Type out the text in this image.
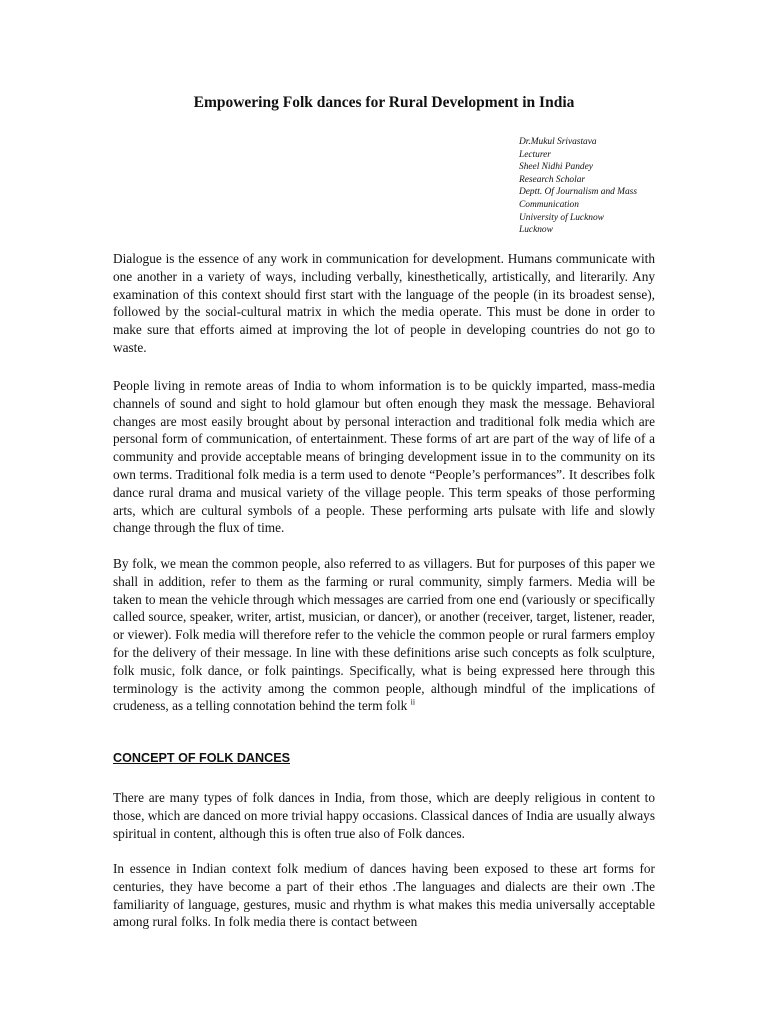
Empowering Folk dances for Rural Development in India
Dr.Mukul Srivastava
Lecturer
Sheel Nidhi Pandey
Research Scholar
Deptt. Of Journalism and Mass
Communication
University of Lucknow
Lucknow

Dialogue is the essence of any work in communication for development. Humans communicate with one another in a variety of ways, including verbally, kinesthetically, artistically, and literarily. Any examination of this context should first start with the language of the people (in its broadest sense), followed by the social-cultural matrix in which the media operate. This must be done in order to make sure that efforts aimed at improving the lot of people in developing countries do not go to waste.

People living in remote areas of India to whom information is to be quickly imparted, mass-media channels of sound and sight to hold glamour but often enough they mask the message. Behavioral changes are most easily brought about by personal interaction and traditional folk media which are personal form of communication, of entertainment. These forms of art are part of the way of life of a community and provide acceptable means of bringing development issue in to the community on its own terms. Traditional folk media is a term used to denote “People’s performances”. It describes folk dance rural drama and musical variety of the village people. This term speaks of those performing arts, which are cultural symbols of a people. These performing arts pulsate with life and slowly change through the flux of time.

By folk, we mean the common people, also referred to as villagers. But for purposes of this paper we shall in addition, refer to them as the farming or rural community, simply farmers. Media will be taken to mean the vehicle through which messages are carried from one end (variously or specifically called source, speaker, writer, artist, musician, or dancer), or another (receiver, target, listener, reader, or viewer). Folk media will therefore refer to the vehicle the common people or rural farmers employ for the delivery of their message. In line with these definitions arise such concepts as folk sculpture, folk music, folk dance, or folk paintings. Specifically, what is being expressed here through this terminology is the activity among the common people, although mindful of the implications of crudeness, as a telling connotation behind the term folk $^{ii}$

CONCEPT OF FOLK DANCES

There are many types of folk dances in India, from those, which are deeply religious in content to those, which are danced on more trivial happy occasions. Classical dances of India are usually always spiritual in content, although this is often true also of Folk dances.

In essence in Indian context folk medium of dances having been exposed to these art forms for centuries, they have become a part of their ethos .The languages and dialects are their own .The familiarity of language, gestures, music and rhythm is what makes this media universally acceptable among rural folks. In folk media there is contact between
